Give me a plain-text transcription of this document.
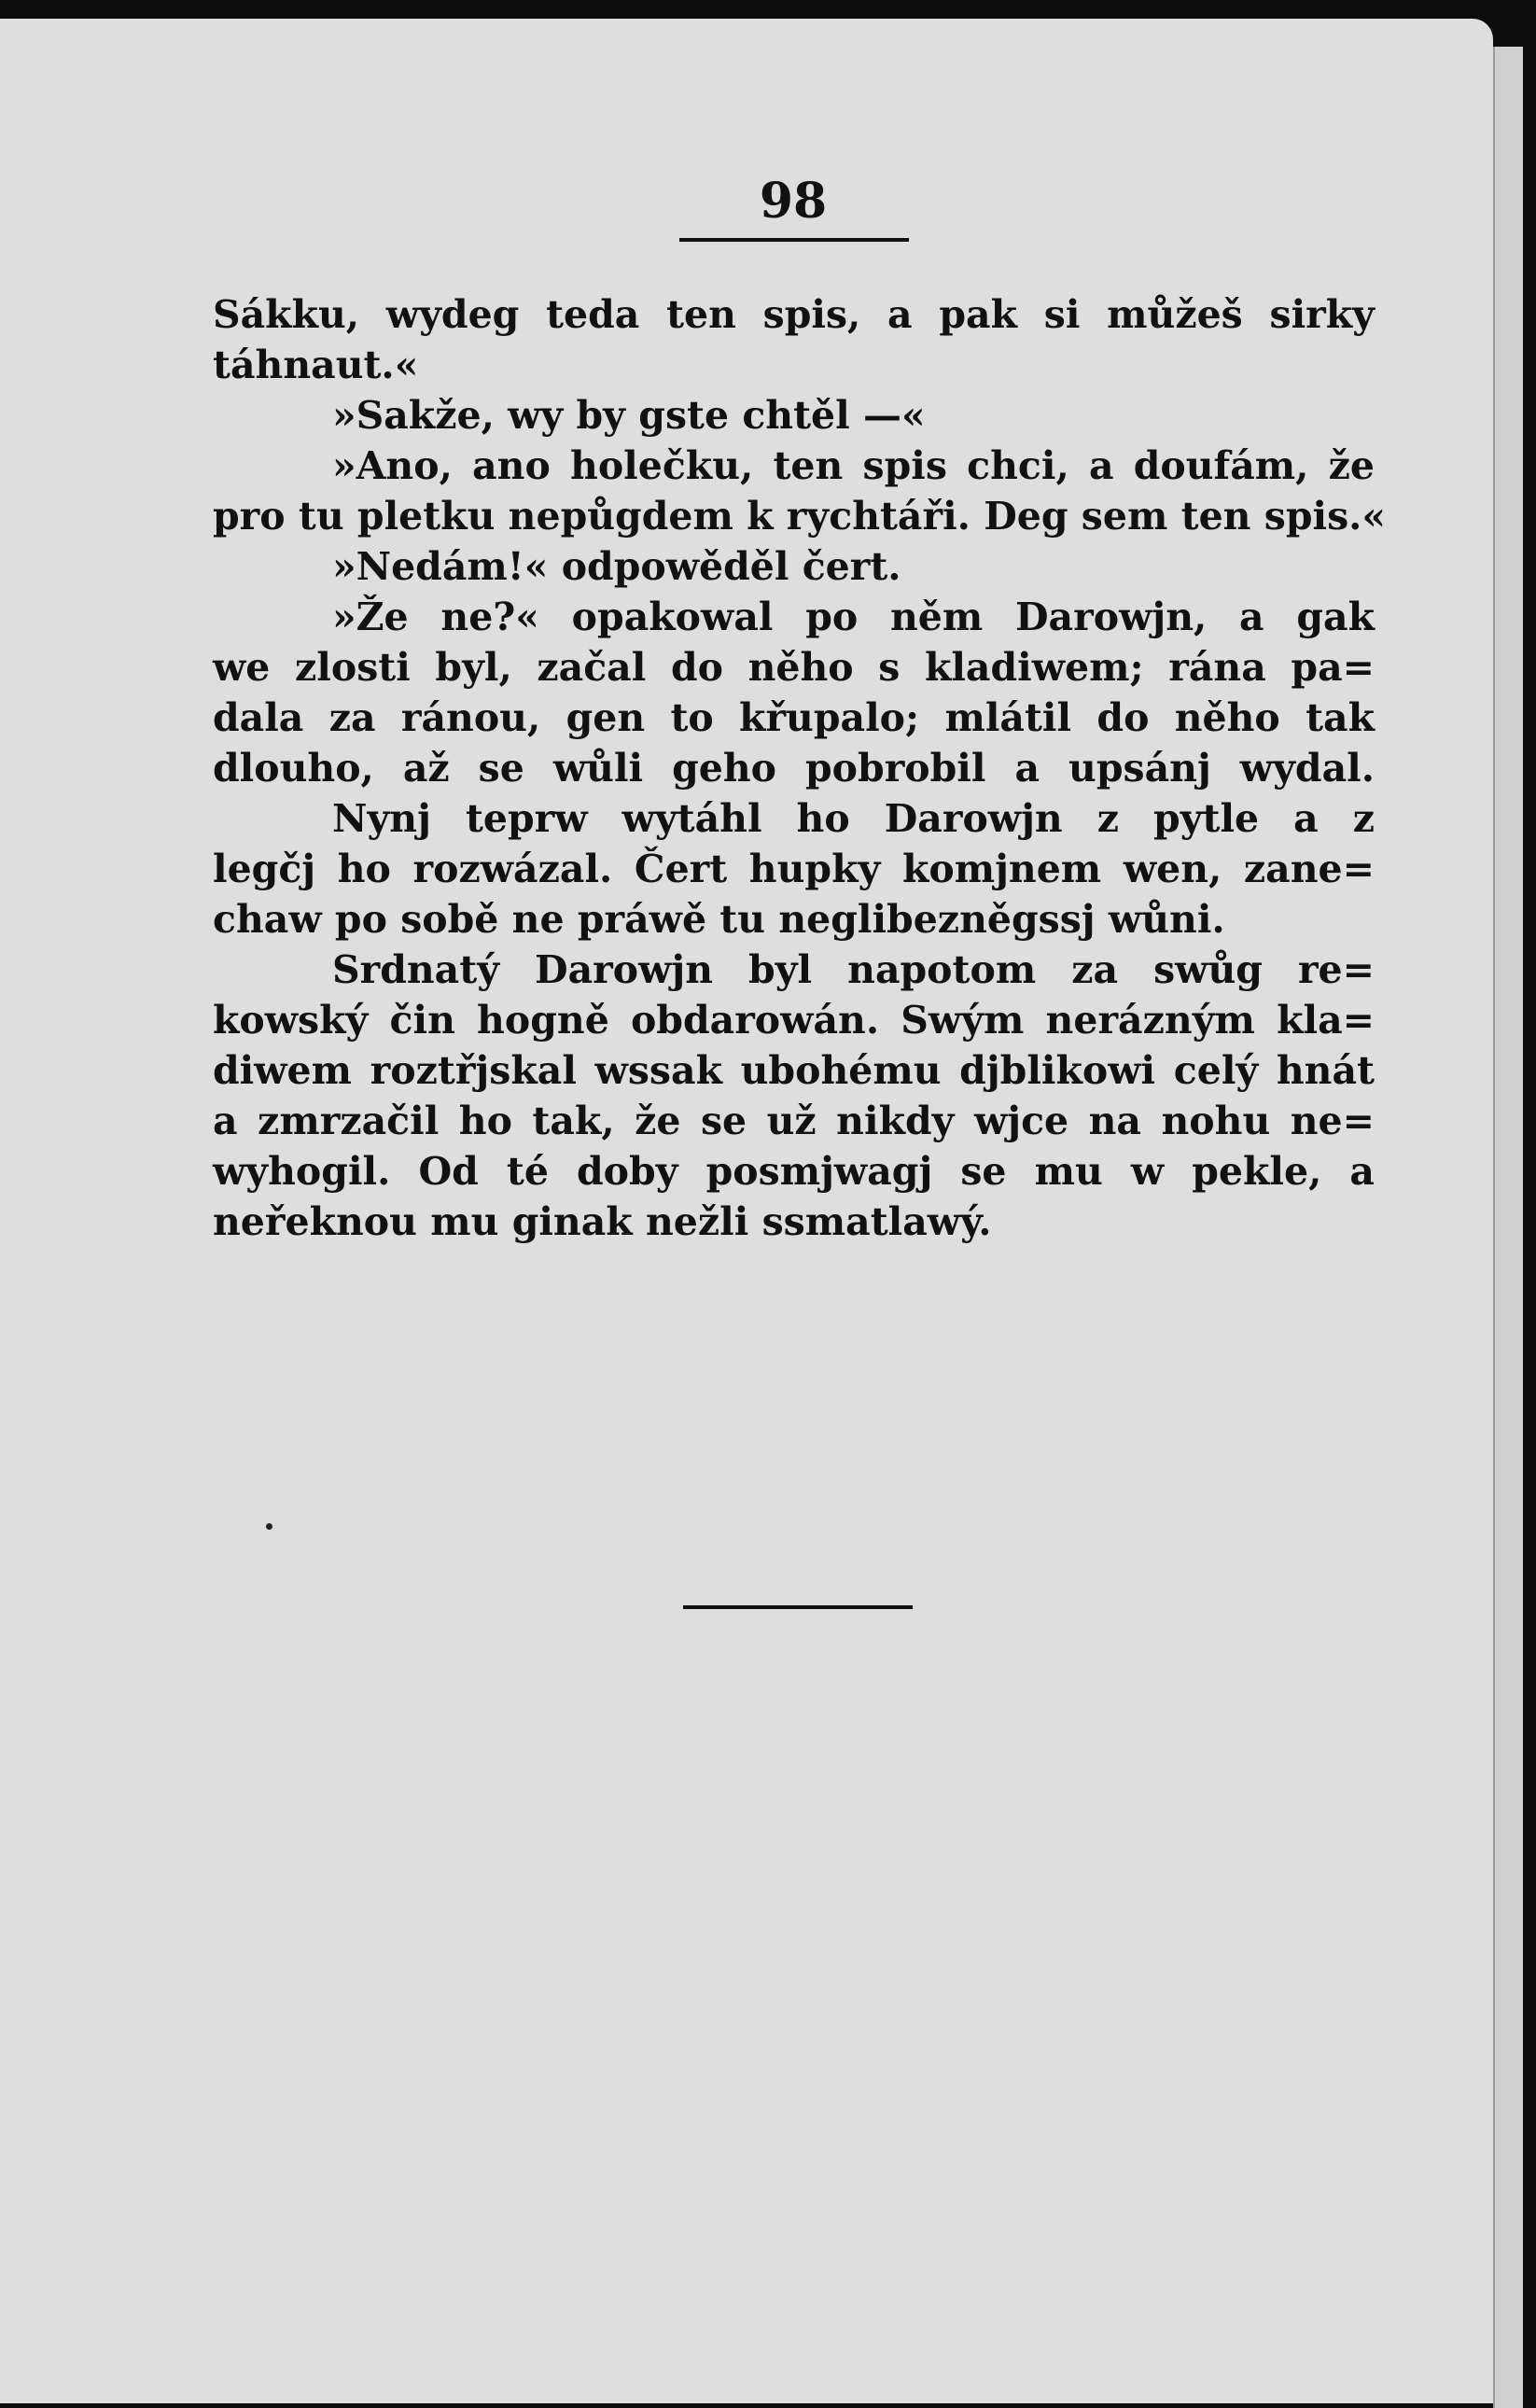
98
Sákku, wydeg teda ten spis, a pak si můžeš sirky
táhnaut.«
»Sakže, wy by gste chtěl —«
»Ano, ano holečku, ten spis chci, a doufám, že
pro tu pletku nepůgdem k rychtáři. Deg sem ten spis.«
»Nedám!« odpowěděl čert.
»Že ne?« opakowal po něm Darowjn, a gak
we zlosti byl, začal do něho s kladiwem; rána pa=
dala za ránou, gen to křupalo; mlátil do něho tak
dlouho, až se wůli geho pobrobil a upsánj wydal.
Nynj teprw wytáhl ho Darowjn z pytle a z
legčj ho rozwázal. Čert hupky komjnem wen, zane=
chaw po sobě ne práwě tu neglibezněgssj wůni.
Srdnatý Darowjn byl napotom za swůg re=
kowský čin hogně obdarowán. Swým nerázným kla=
diwem roztřjskal wssak ubohému djblikowi celý hnát
a zmrzačil ho tak, že se už nikdy wjce na nohu ne=
wyhogil. Od té doby posmjwagj se mu w pekle, a
neřeknou mu ginak nežli ssmatlawý.
